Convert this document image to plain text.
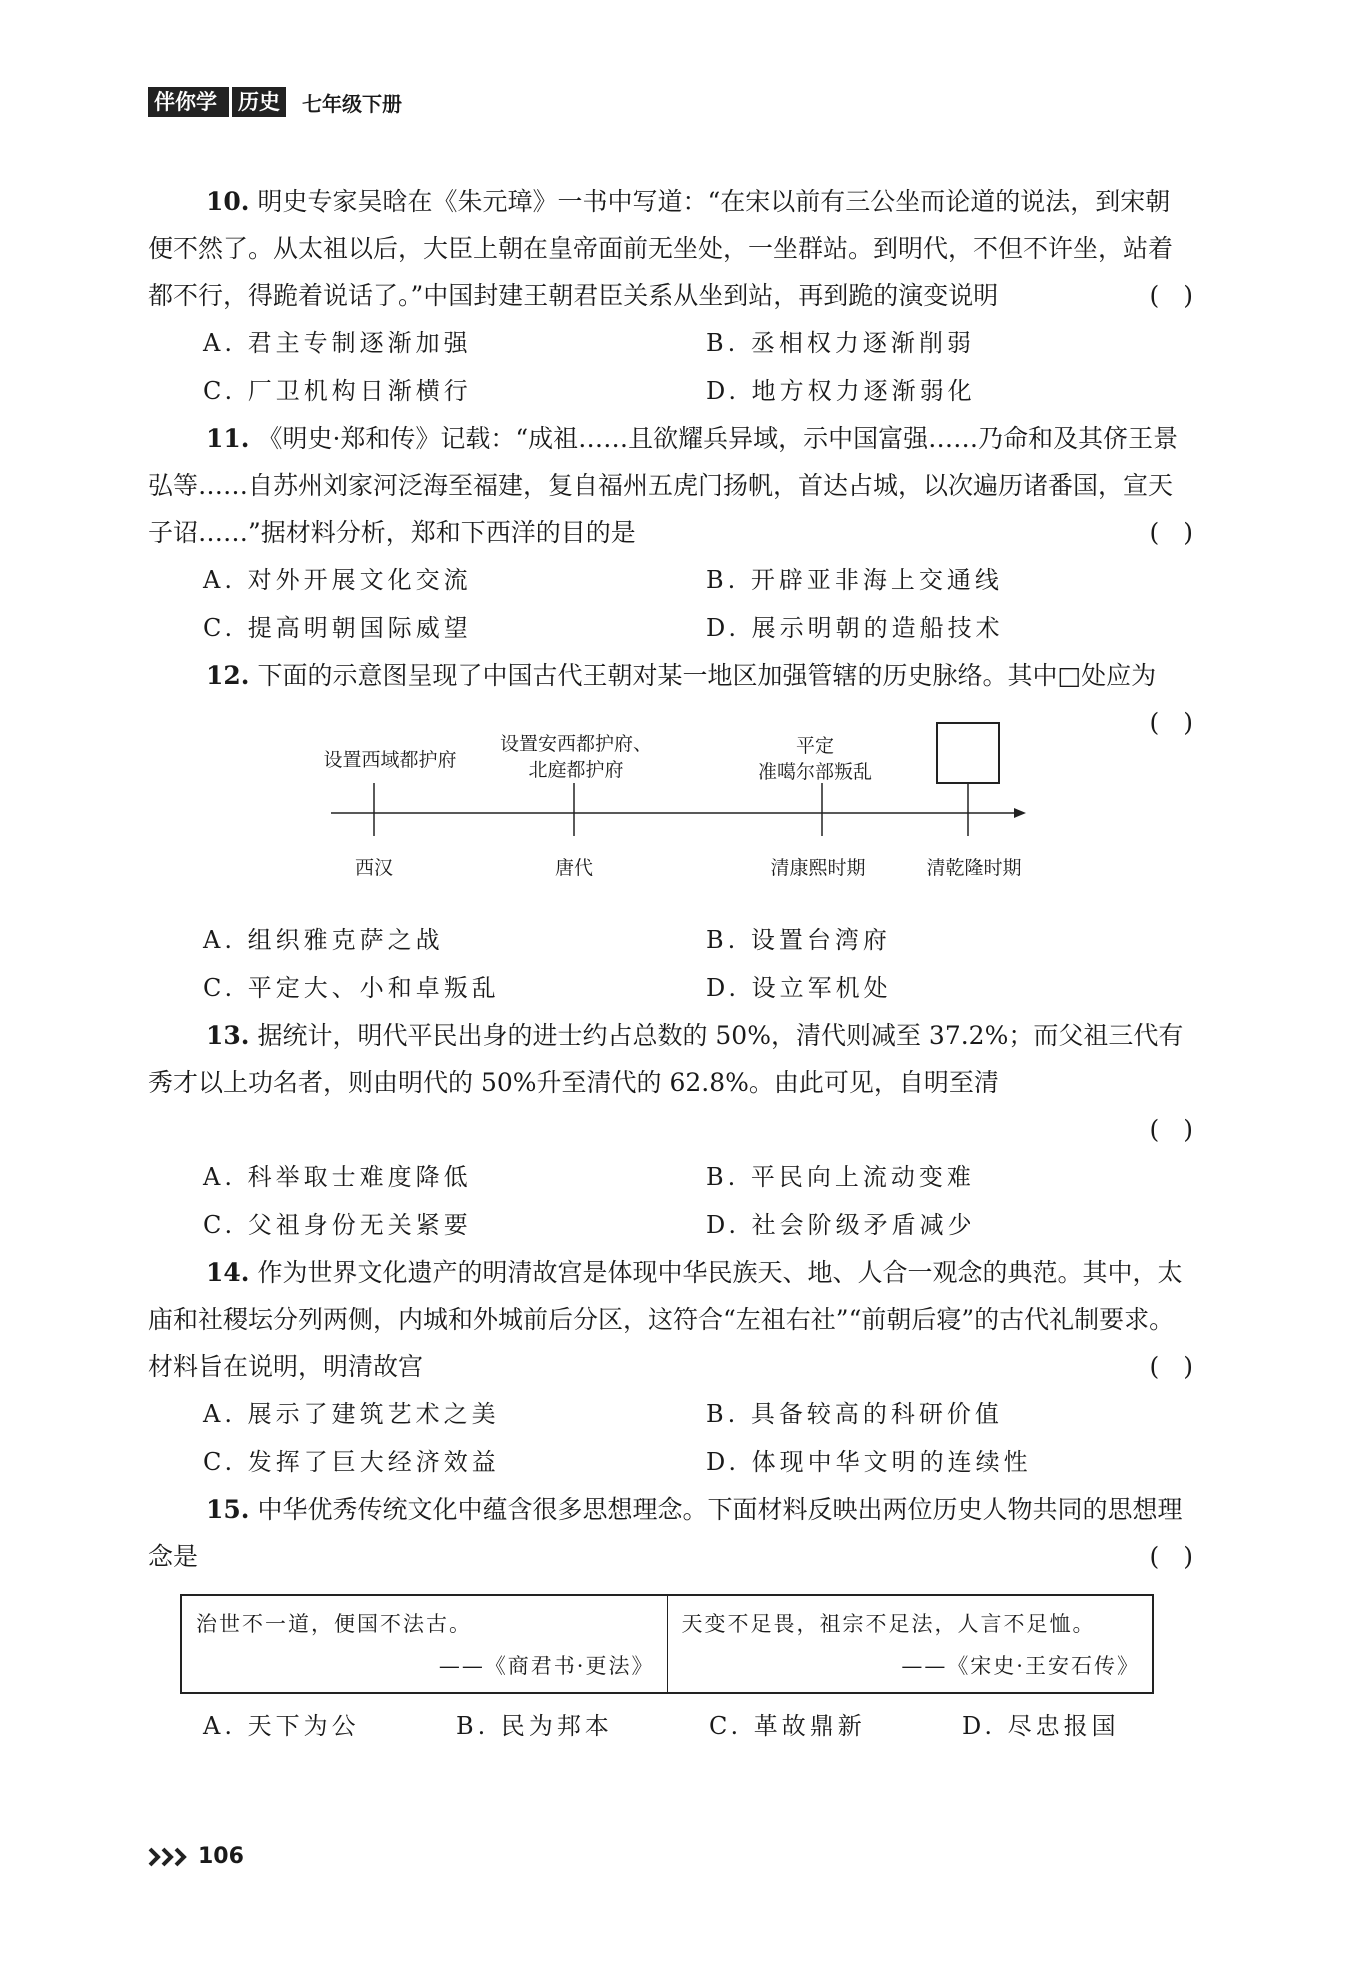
伴你学	历史	七年级下册

10. 明史专家吴晗在《朱元璋》一书中写道：“在宋以前有三公坐而论道的说法，到宋朝便不然了。从太祖以后，大臣上朝在皇帝面前无坐处，一坐群站。到明代，不但不许坐，站着都不行，得跪着说话了。”中国封建王朝君臣关系从坐到站，再到跪的演变说明	()

A. 君主专制逐渐加强	B. 丞相权力逐渐削弱
C. 厂卫机构日渐横行	D. 地方权力逐渐弱化

11. 《明史·郑和传》记载：“成祖……且欲耀兵异域，示中国富强……乃命和及其侪王景弘等……自苏州刘家河泛海至福建，复自福州五虎门扬帆，首达占城，以次遍历诸番国，宣天子诏……”据材料分析，郑和下西洋的目的是	()

A. 对外开展文化交流	B. 开辟亚非海上交通线
C. 提高明朝国际威望	D. 展示明朝的造船技术

12. 下面的示意图呈现了中国古代王朝对某一地区加强管辖的历史脉络。其中□处应为
()

设置西域都护府
设置安西都护府、
北庭都护府
平定
准噶尔部叛乱
西汉	唐代	清康熙时期	清乾隆时期
A. 组织雅克萨之战	B. 设置台湾府
C. 平定大、小和卓叛乱	D. 设立军机处

13. 据统计，明代平民出身的进士约占总数的 50%，清代则减至 37.2%；而父祖三代有秀才以上功名者，则由明代的 50%升至清代的 62.8%。由此可见，自明至清

()

A. 科举取士难度降低	B. 平民向上流动变难
C. 父祖身份无关紧要	D. 社会阶级矛盾减少

14. 作为世界文化遗产的明清故宫是体现中华民族天、地、人合一观念的典范。其中，太庙和社稷坛分列两侧，内城和外城前后分区，这符合“左祖右社”“前朝后寝”的古代礼制要求。材料旨在说明，明清故宫	()

A. 展示了建筑艺术之美	B. 具备较高的科研价值
C. 发挥了巨大经济效益	D. 体现中华文明的连续性

15. 中华优秀传统文化中蕴含很多思想理念。下面材料反映出两位历史人物共同的思想理念是	()

治世不一道，便国不法古。
——《商君书·更法》
天变不足畏，祖宗不足法，人言不足恤。
——《宋史·王安石传》
A. 天下为公	B. 民为邦本	C. 革故鼎新	D. 尽忠报国
106
